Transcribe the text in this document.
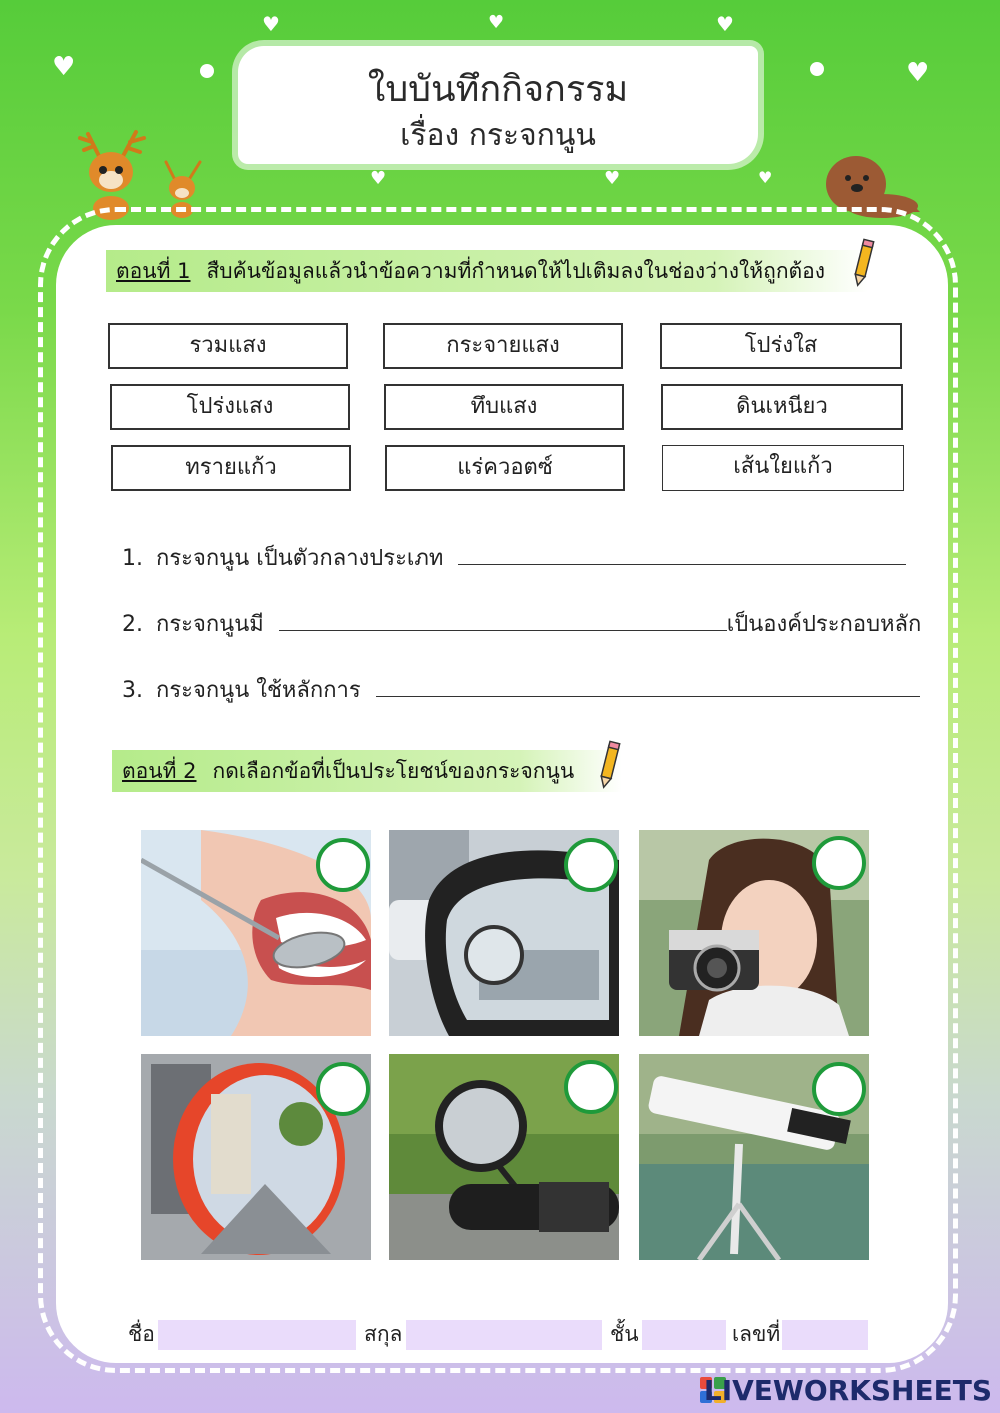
♥
♥	♥	♥
♥
♥	♥	♥
ใบบันทึกกิจกรรม
เรื่อง กระจกนูน
ตอนที่ 1 สืบค้นข้อมูลแล้วนำข้อความที่กำหนดให้ไปเติมลงในช่องว่างให้ถูกต้อง
รวมแสง	กระจายแสง	โปร่งใส
โปร่งแสง	ทึบแสง	ดินเหนียว
ทรายแก้ว	แร่ควอตซ์	เส้นใยแก้ว
1. กระจกนูน เป็นตัวกลางประเภท
2. กระจกนูนมี	เป็นองค์ประกอบหลัก
3. กระจกนูน ใช้หลักการ
ตอนที่ 2 กดเลือกข้อที่เป็นประโยชน์ของกระจกนูน
ชื่อ	สกุล	ชั้น	เลขที่
LIVEWORKSHEETS
